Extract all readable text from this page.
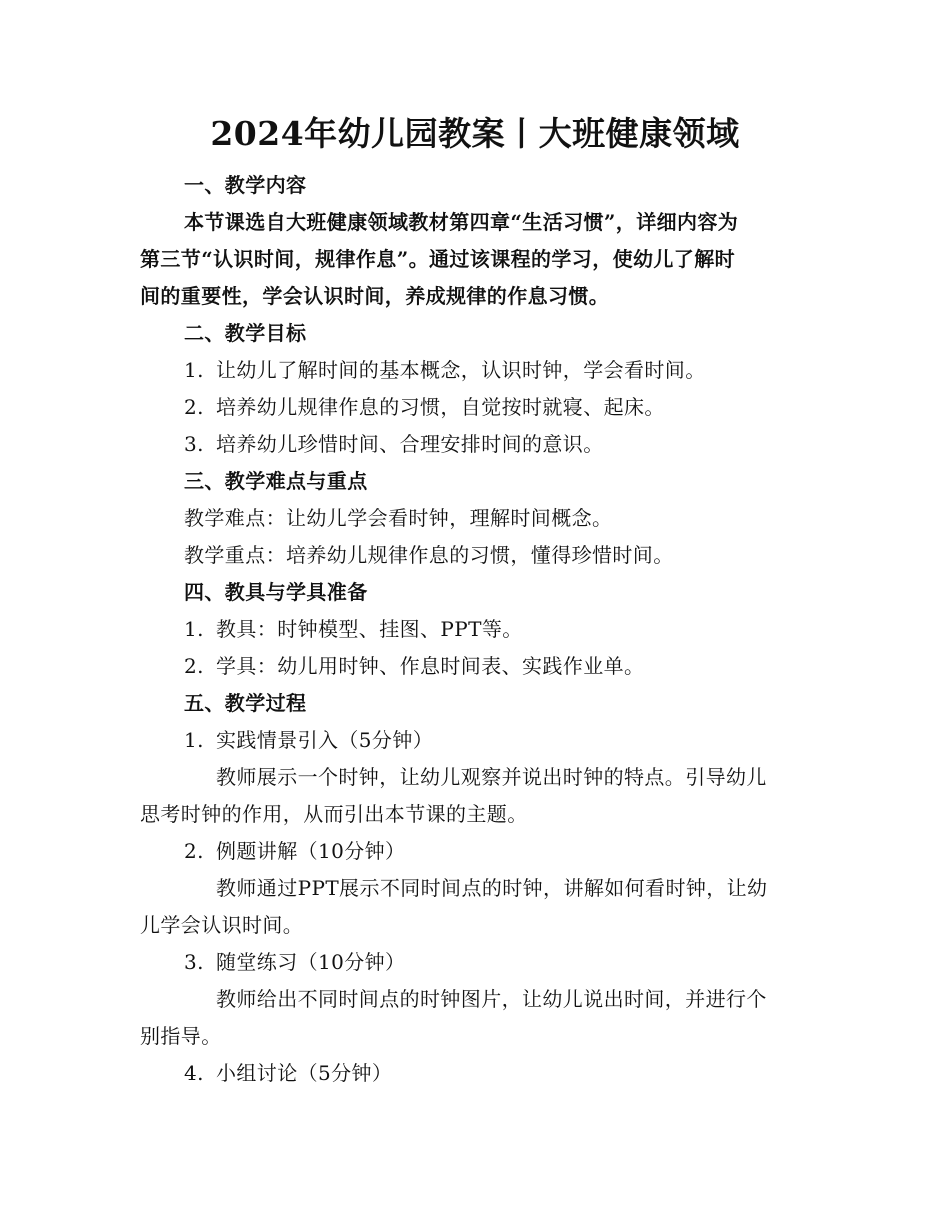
2024年幼儿园教案丨大班健康领域
一、教学内容
本节课选自大班健康领域教材第四章“生活习惯”，详细内容为
第三节“认识时间，规律作息”。通过该课程的学习，使幼儿了解时
间的重要性，学会认识时间，养成规律的作息习惯。
二、教学目标
1. 让幼儿了解时间的基本概念，认识时钟，学会看时间。
2. 培养幼儿规律作息的习惯，自觉按时就寝、起床。
3. 培养幼儿珍惜时间、合理安排时间的意识。
三、教学难点与重点
教学难点：让幼儿学会看时钟，理解时间概念。
教学重点：培养幼儿规律作息的习惯，懂得珍惜时间。
四、教具与学具准备
1. 教具：时钟模型、挂图、PPT等。
2. 学具：幼儿用时钟、作息时间表、实践作业单。
五、教学过程
1. 实践情景引入（5分钟）
教师展示一个时钟，让幼儿观察并说出时钟的特点。引导幼儿
思考时钟的作用，从而引出本节课的主题。
2. 例题讲解（10分钟）
教师通过PPT展示不同时间点的时钟，讲解如何看时钟，让幼
儿学会认识时间。
3. 随堂练习（10分钟）
教师给出不同时间点的时钟图片，让幼儿说出时间，并进行个
别指导。
4. 小组讨论（5分钟）
